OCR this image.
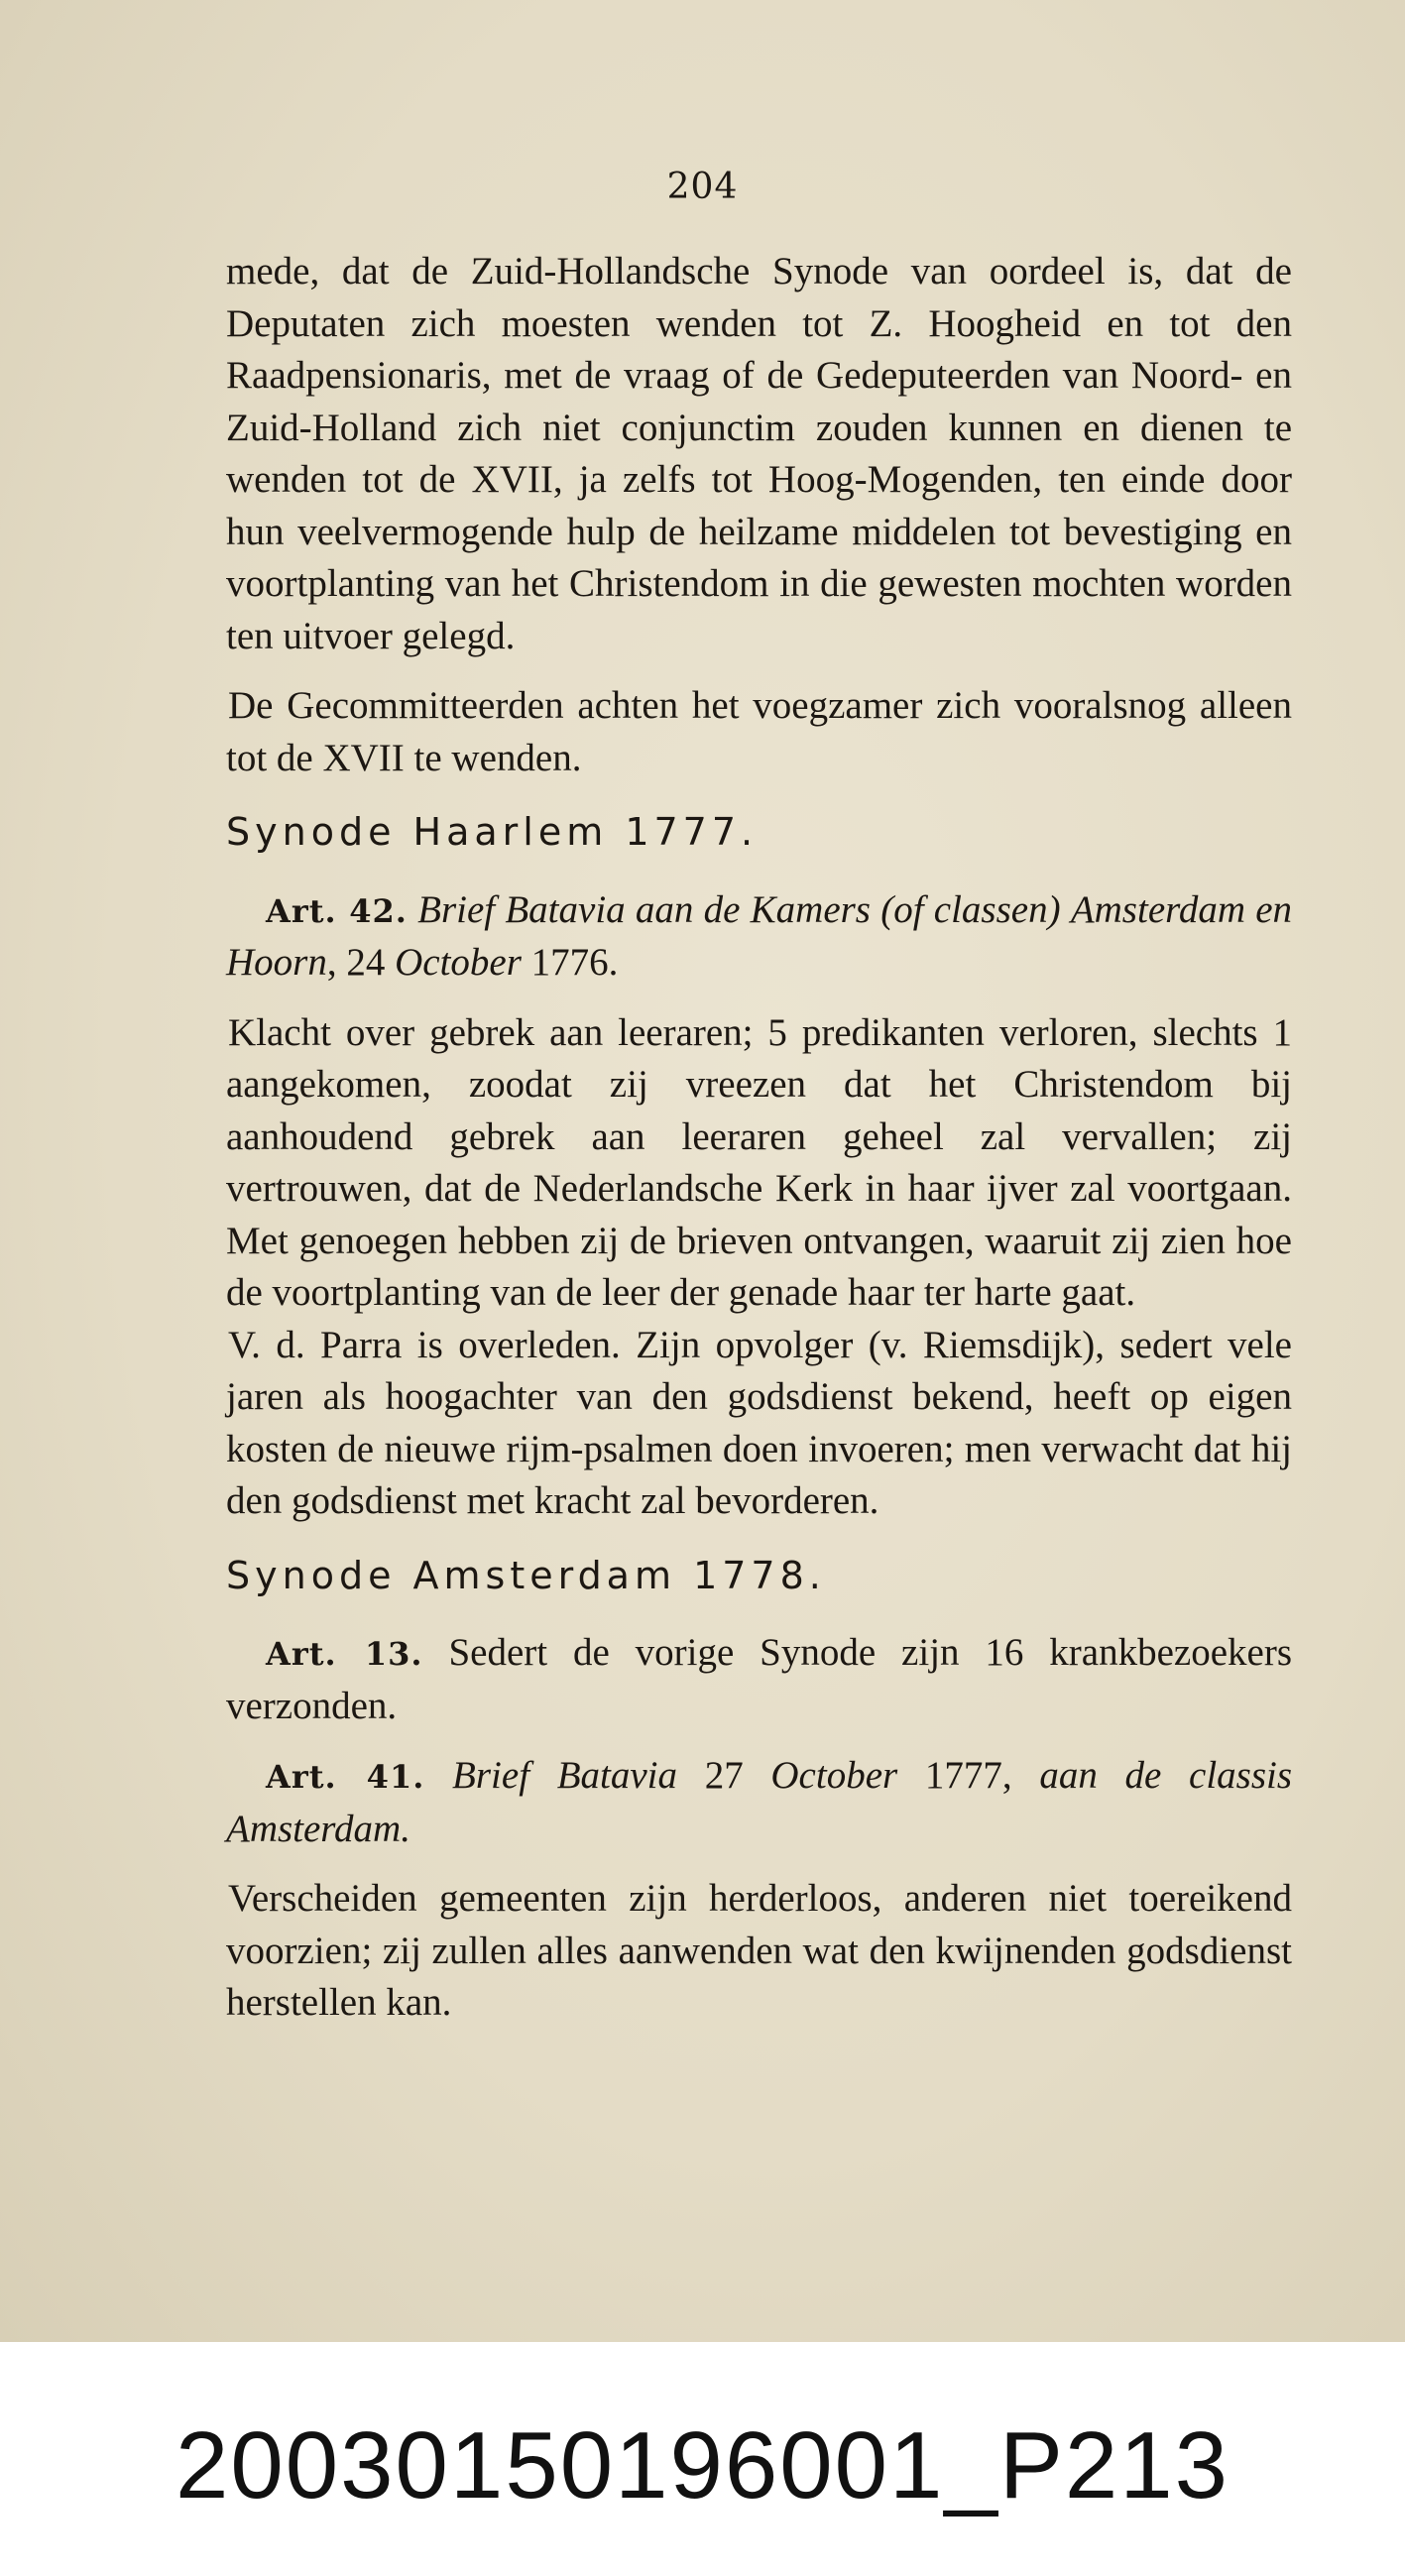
204

mede, dat de Zuid-Hollandsche Synode van oordeel is, dat de Deputaten zich moesten wenden tot Z. Hoogheid en tot den Raadpensionaris, met de vraag of de Gedeputeerden van Noord- en Zuid-Holland zich niet conjunctim zouden kunnen en dienen te wenden tot de XVII, ja zelfs tot Hoog-Mogenden, ten einde door hun veelvermogende hulp de heilzame middelen tot bevestiging en voortplanting van het Christendom in die gewesten mochten worden ten uitvoer gelegd.

De Gecommitteerden achten het voegzamer zich vooralsnog alleen tot de XVII te wenden.

Synode Haarlem 1777.

Art. 42. Brief Batavia aan de Kamers (of classen) Amsterdam en Hoorn, 24 October 1776.

Klacht over gebrek aan leeraren; 5 predikanten verloren, slechts 1 aangekomen, zoodat zij vreezen dat het Christendom bij aanhoudend gebrek aan leeraren geheel zal vervallen; zij vertrouwen, dat de Nederlandsche Kerk in haar ijver zal voortgaan. Met genoegen hebben zij de brieven ontvangen, waaruit zij zien hoe de voortplanting van de leer der genade haar ter harte gaat.

V. d. Parra is overleden. Zijn opvolger (v. Riemsdijk), sedert vele jaren als hoogachter van den godsdienst bekend, heeft op eigen kosten de nieuwe rijm-psalmen doen invoeren; men verwacht dat hij den godsdienst met kracht zal bevorderen.

Synode Amsterdam 1778.

Art. 13. Sedert de vorige Synode zijn 16 krankbezoekers verzonden.

Art. 41. Brief Batavia 27 October 1777, aan de classis Amsterdam.

Verscheiden gemeenten zijn herderloos, anderen niet toereikend voorzien; zij zullen alles aanwenden wat den kwijnenden godsdienst herstellen kan.

20030150196001_P213
